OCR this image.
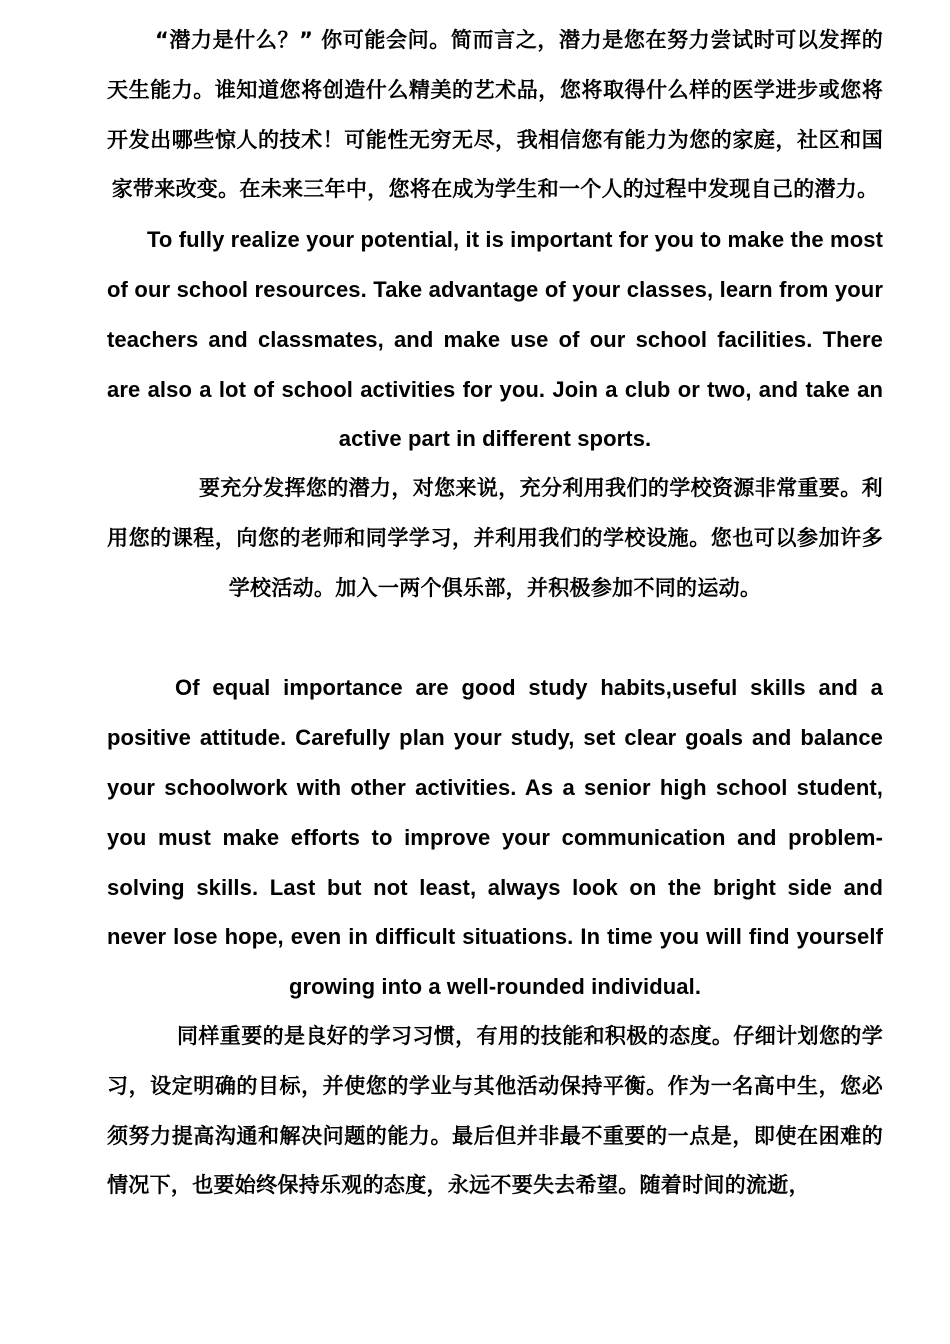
“潜力是什么？” 你可能会问。简而言之，潜力是您在努力尝试时可以发挥的天生能力。谁知道您将创造什么精美的艺术品，您将取得什么样的医学进步或您将开发出哪些惊人的技术！可能性无穷无尽，我相信您有能力为您的家庭，社区和国家带来改变。在未来三年中，您将在成为学生和一个人的过程中发现自己的潜力。

To fully realize your potential, it is important for you to make the most of our school resources. Take advantage of your classes, learn from your teachers and classmates, and make use of our school facilities. There are also a lot of school activities for you. Join a club or two, and take an active part in different sports.

要充分发挥您的潜力，对您来说，充分利用我们的学校资源非常重要。利用您的课程，向您的老师和同学学习，并利用我们的学校设施。您也可以参加许多学校活动。加入一两个俱乐部，并积极参加不同的运动。

Of equal importance are good study habits,useful skills and a positive attitude. Carefully plan your study, set clear goals and balance your schoolwork with other activities. As a senior high school student, you must make efforts to improve your communication and problem-solving skills. Last but not least, always look on the bright side and never lose hope, even in difficult situations. In time you will find yourself growing into a well-rounded individual.

同样重要的是良好的学习习惯，有用的技能和积极的态度。仔细计划您的学习，设定明确的目标，并使您的学业与其他活动保持平衡。作为一名高中生，您必须努力提高沟通和解决问题的能力。最后但并非最不重要的一点是，即使在困难的情况下，也要始终保持乐观的态度，永远不要失去希望。随着时间的流逝，
